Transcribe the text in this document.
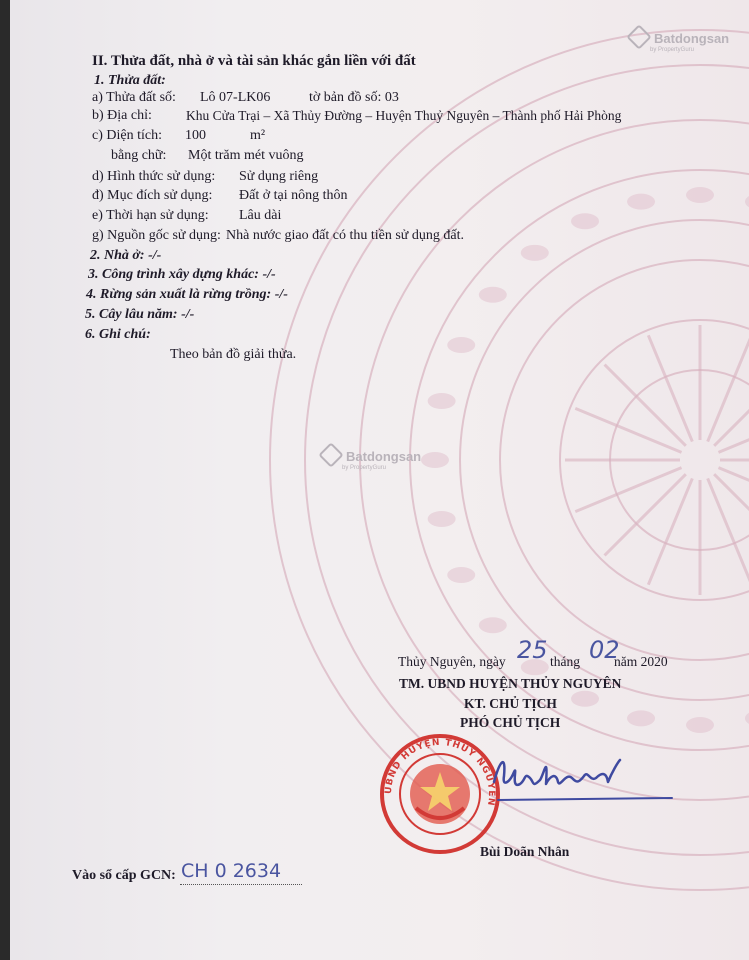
Batdongsan
by PropertyGuru
Batdongsan
by PropertyGuru
II. Thửa đất, nhà ở và tài sản khác gắn liền với đất
1. Thửa đất:
a) Thửa đất số: Lô 07-LK06	tờ bản đồ số: 03
b) Địa chỉ:	Khu Cửa Trại – Xã Thủy Đường – Huyện Thuỷ Nguyên – Thành phố Hải Phòng
c) Diện tích: 100	m²
bằng chữ: Một trăm mét vuông
d) Hình thức sử dụng: Sử dụng riêng
đ) Mục đích sử dụng: Đất ở tại nông thôn
e) Thời hạn sử dụng: Lâu dài
g) Nguồn gốc sử dụng: Nhà nước giao đất có thu tiền sử dụng đất.
2. Nhà ở: -/-
3. Công trình xây dựng khác: -/-
4. Rừng sản xuất là rừng trồng: -/-
5. Cây lâu năm: -/-
6. Ghi chú:
Theo bản đồ giải thửa.
Thủy Nguyên, ngày 25 tháng 02
năm 2020
TM. UBND HUYỆN THỦY NGUYÊN
KT. CHỦ TỊCH
PHÓ CHỦ TỊCH
UBND HUYỆN THỦY NGUYÊN
Bùi Doãn Nhân
Vào sổ cấp GCN: CH 0 2634
